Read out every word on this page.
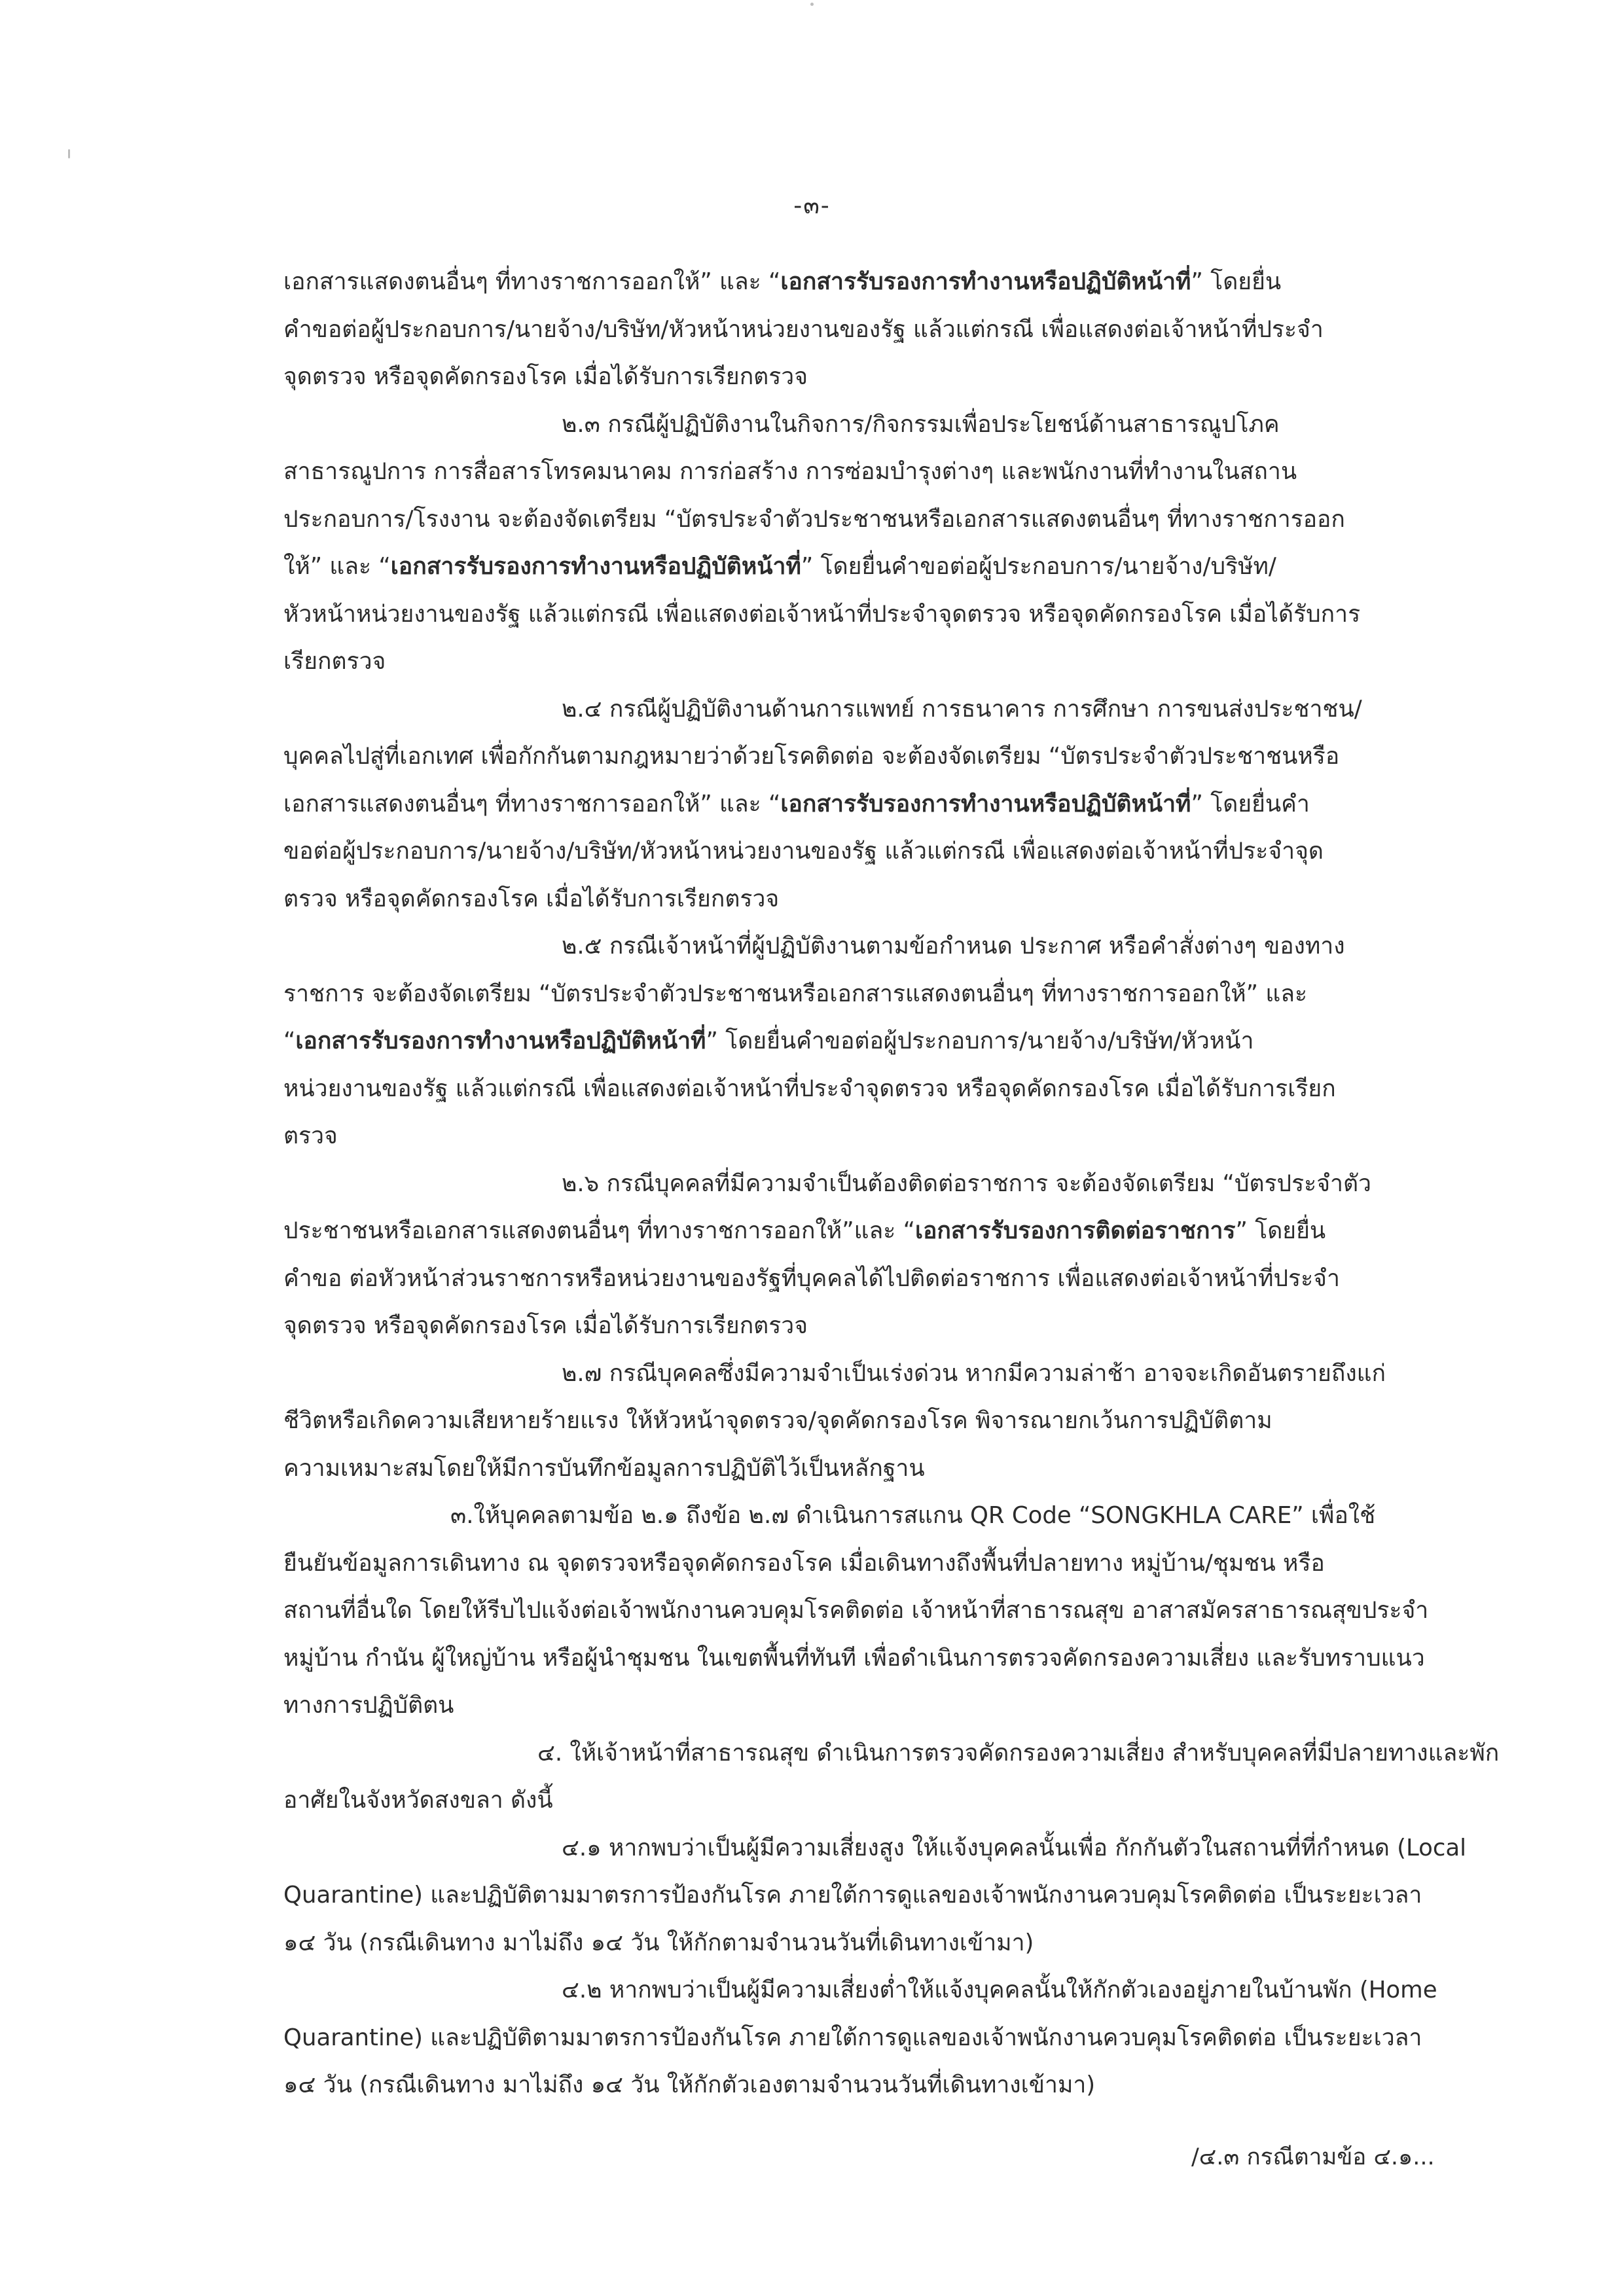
-๓-
เอกสารแสดงตนอื่นๆ ที่ทางราชการออกให้” และ “เอกสารรับรองการทำงานหรือปฏิบัติหน้าที่” โดยยื่น
คำขอต่อผู้ประกอบการ/นายจ้าง/บริษัท/หัวหน้าหน่วยงานของรัฐ แล้วแต่กรณี เพื่อแสดงต่อเจ้าหน้าที่ประจำ
จุดตรวจ หรือจุดคัดกรองโรค เมื่อได้รับการเรียกตรวจ
๒.๓ กรณีผู้ปฏิบัติงานในกิจการ/กิจกรรมเพื่อประโยชน์ด้านสาธารณูปโภค
สาธารณูปการ การสื่อสารโทรคมนาคม การก่อสร้าง การซ่อมบำรุงต่างๆ และพนักงานที่ทำงานในสถาน
ประกอบการ/โรงงาน จะต้องจัดเตรียม “บัตรประจำตัวประชาชนหรือเอกสารแสดงตนอื่นๆ ที่ทางราชการออก
ให้” และ “เอกสารรับรองการทำงานหรือปฏิบัติหน้าที่” โดยยื่นคำขอต่อผู้ประกอบการ/นายจ้าง/บริษัท/
หัวหน้าหน่วยงานของรัฐ แล้วแต่กรณี เพื่อแสดงต่อเจ้าหน้าที่ประจำจุดตรวจ หรือจุดคัดกรองโรค เมื่อได้รับการ
เรียกตรวจ
๒.๔ กรณีผู้ปฏิบัติงานด้านการแพทย์ การธนาคาร การศึกษา การขนส่งประชาชน/
บุคคลไปสู่ที่เอกเทศ เพื่อกักกันตามกฎหมายว่าด้วยโรคติดต่อ จะต้องจัดเตรียม “บัตรประจำตัวประชาชนหรือ
เอกสารแสดงตนอื่นๆ ที่ทางราชการออกให้” และ “เอกสารรับรองการทำงานหรือปฏิบัติหน้าที่” โดยยื่นคำ
ขอต่อผู้ประกอบการ/นายจ้าง/บริษัท/หัวหน้าหน่วยงานของรัฐ แล้วแต่กรณี เพื่อแสดงต่อเจ้าหน้าที่ประจำจุด
ตรวจ หรือจุดคัดกรองโรค เมื่อได้รับการเรียกตรวจ
๒.๕ กรณีเจ้าหน้าที่ผู้ปฏิบัติงานตามข้อกำหนด ประกาศ หรือคำสั่งต่างๆ ของทาง
ราชการ จะต้องจัดเตรียม “บัตรประจำตัวประชาชนหรือเอกสารแสดงตนอื่นๆ ที่ทางราชการออกให้” และ
“เอกสารรับรองการทำงานหรือปฏิบัติหน้าที่” โดยยื่นคำขอต่อผู้ประกอบการ/นายจ้าง/บริษัท/หัวหน้า
หน่วยงานของรัฐ แล้วแต่กรณี เพื่อแสดงต่อเจ้าหน้าที่ประจำจุดตรวจ หรือจุดคัดกรองโรค เมื่อได้รับการเรียก
ตรวจ
๒.๖ กรณีบุคคลที่มีความจำเป็นต้องติดต่อราชการ จะต้องจัดเตรียม “บัตรประจำตัว
ประชาชนหรือเอกสารแสดงตนอื่นๆ ที่ทางราชการออกให้”และ “เอกสารรับรองการติดต่อราชการ” โดยยื่น
คำขอ ต่อหัวหน้าส่วนราชการหรือหน่วยงานของรัฐที่บุคคลได้ไปติดต่อราชการ เพื่อแสดงต่อเจ้าหน้าที่ประจำ
จุดตรวจ หรือจุดคัดกรองโรค เมื่อได้รับการเรียกตรวจ
๒.๗ กรณีบุคคลซึ่งมีความจำเป็นเร่งด่วน หากมีความล่าช้า อาจจะเกิดอันตรายถึงแก่
ชีวิตหรือเกิดความเสียหายร้ายแรง ให้หัวหน้าจุดตรวจ/จุดคัดกรองโรค พิจารณายกเว้นการปฏิบัติตาม
ความเหมาะสมโดยให้มีการบันทึกข้อมูลการปฏิบัติไว้เป็นหลักฐาน
๓.ให้บุคคลตามข้อ ๒.๑ ถึงข้อ ๒.๗ ดำเนินการสแกน QR Code “SONGKHLA CARE” เพื่อใช้
ยืนยันข้อมูลการเดินทาง ณ จุดตรวจหรือจุดคัดกรองโรค เมื่อเดินทางถึงพื้นที่ปลายทาง หมู่บ้าน/ชุมชน หรือ
สถานที่อื่นใด โดยให้รีบไปแจ้งต่อเจ้าพนักงานควบคุมโรคติดต่อ เจ้าหน้าที่สาธารณสุข อาสาสมัครสาธารณสุขประจำ
หมู่บ้าน กำนัน ผู้ใหญ่บ้าน หรือผู้นำชุมชน ในเขตพื้นที่ทันที เพื่อดำเนินการตรวจคัดกรองความเสี่ยง และรับทราบแนว
ทางการปฏิบัติตน
๔. ให้เจ้าหน้าที่สาธารณสุข ดำเนินการตรวจคัดกรองความเสี่ยง สำหรับบุคคลที่มีปลายทางและพัก
อาศัยในจังหวัดสงขลา ดังนี้
๔.๑ หากพบว่าเป็นผู้มีความเสี่ยงสูง ให้แจ้งบุคคลนั้นเพื่อ กักกันตัวในสถานที่ที่กำหนด (Local
Quarantine) และปฏิบัติตามมาตรการป้องกันโรค ภายใต้การดูแลของเจ้าพนักงานควบคุมโรคติดต่อ เป็นระยะเวลา
๑๔ วัน (กรณีเดินทาง มาไม่ถึง ๑๔ วัน ให้กักตามจำนวนวันที่เดินทางเข้ามา)
๔.๒ หากพบว่าเป็นผู้มีความเสี่ยงต่ำให้แจ้งบุคคลนั้นให้กักตัวเองอยู่ภายในบ้านพัก (Home
Quarantine) และปฏิบัติตามมาตรการป้องกันโรค ภายใต้การดูแลของเจ้าพนักงานควบคุมโรคติดต่อ เป็นระยะเวลา
๑๔ วัน (กรณีเดินทาง มาไม่ถึง ๑๔ วัน ให้กักตัวเองตามจำนวนวันที่เดินทางเข้ามา)
/๔.๓ กรณีตามข้อ ๔.๑...
